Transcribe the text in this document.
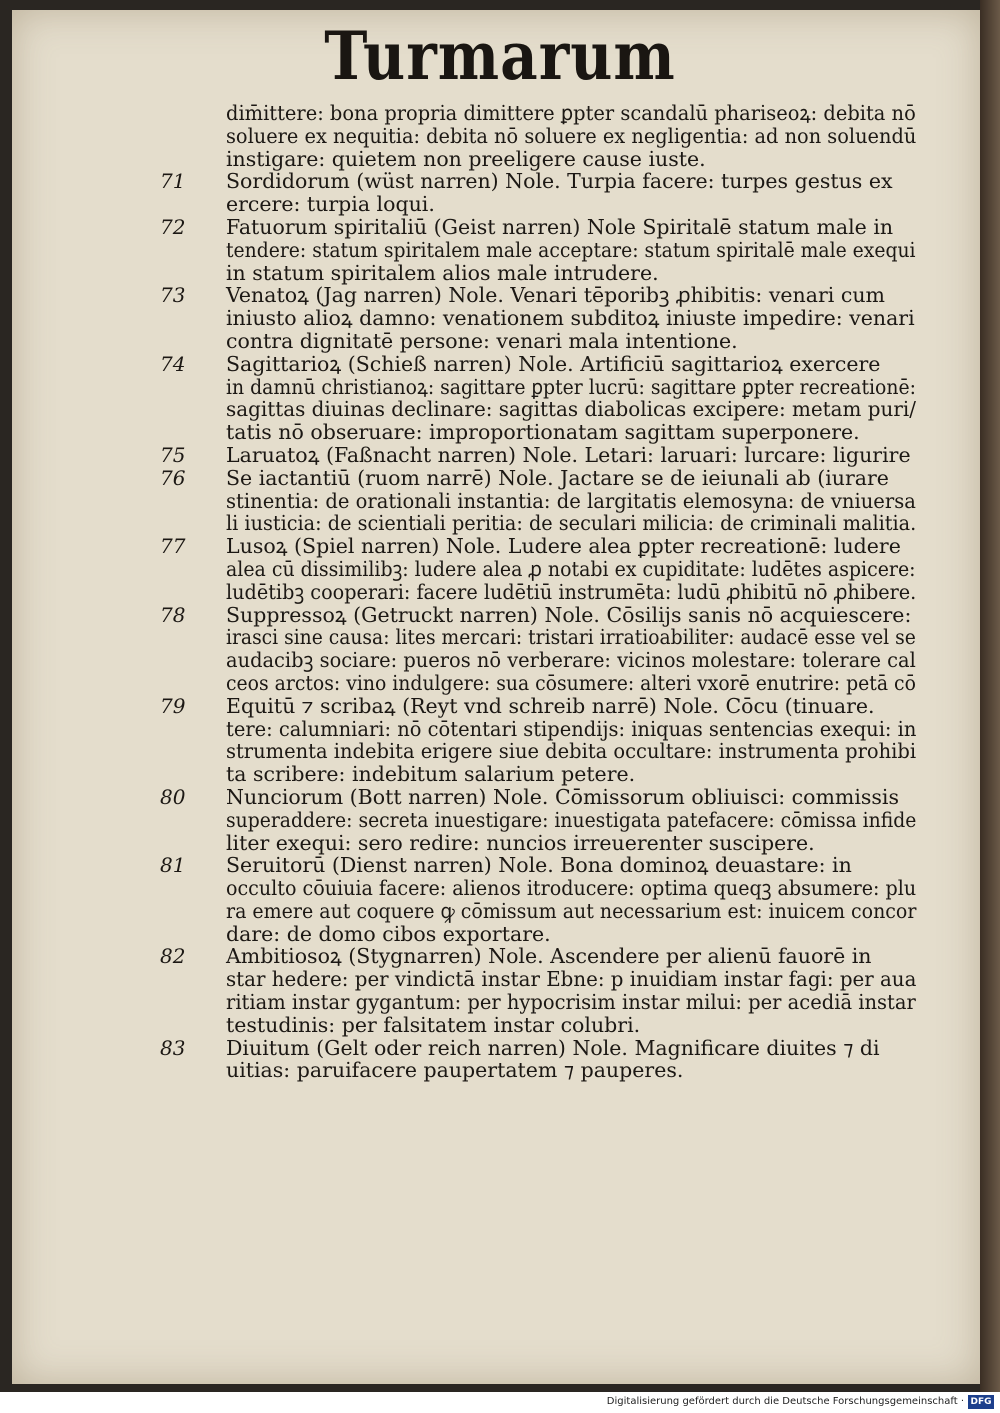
Turmarum
dim̄ittere: bona propria dimittere ꝑpter scandalū phariseoꝝ: debita nō
soluere ex nequitia: debita nō soluere ex negligentia: ad non soluendū
instigare: quietem non preeligere cause iuste.
71	Sordidorum (wüst narren) Nole. Turpia facere: turpes gestus ex
ercere: turpia loqui.
72	Fatuorum spiritaliū (Geist narren) Nole Spiritalē statum male in
tendere: statum spiritalem male acceptare: statum spiritalē male exequi
in statum spiritalem alios male intrudere.
73	Venatoꝝ (Jag narren) Nole. Venari tēporibꝫ ꝓhibitis: venari cum
iniusto alioꝝ damno: venationem subditoꝝ iniuste impedire: venari
contra dignitatē persone: venari mala intentione.
74	Sagittarioꝝ (Schieß narren) Nole. Artificiū sagittarioꝝ exercere
in damnū christianoꝝ: sagittare ꝑpter lucrū: sagittare ꝑpter recreationē:
sagittas diuinas declinare: sagittas diabolicas excipere: metam puri/
tatis nō obseruare: improportionatam sagittam superponere.
75	Laruatoꝝ (Faßnacht narren) Nole. Letari: laruari: lurcare: ligurire
76	Se iactantiū (ruom narrē) Nole. Jactare se de ieiunali ab (iurare
stinentia: de orationali instantia: de largitatis elemosyna: de vniuersa
li iusticia: de scientiali peritia: de seculari milicia: de criminali malitia.
77	Lusoꝝ (Spiel narren) Nole. Ludere alea ꝑpter recreationē: ludere
alea cū dissimilibꝫ: ludere alea ꝓ notabi ex cupiditate: ludētes aspicere:
ludētibꝫ cooperari: facere ludētiū instrumēta: ludū ꝓhibitū nō ꝓhibere.
78	Suppressoꝝ (Getruckt narren) Nole. Cōsilijs sanis nō acquiescere:
irasci sine causa: lites mercari: tristari irratioabiliter: audacē esse vel se
audacibꝫ sociare: pueros nō verberare: vicinos molestare: tolerare cal
ceos arctos: vino indulgere: sua cōsumere: alteri vxorē enutrire: petā cō
79	Equitū ⁊ scribaꝝ (Reyt vnd schreib narrē) Nole. Cōcu (tinuare.
tere: calumniari: nō cōtentari stipendijs: iniquas sentencias exequi: in
strumenta indebita erigere siue debita occultare: instrumenta prohibi
ta scribere: indebitum salarium petere.
80	Nunciorum (Bott narren) Nole. Cōmissorum obliuisci: commissis
superaddere: secreta inuestigare: inuestigata patefacere: cōmissa infide
liter exequi: sero redire: nuncios irreuerenter suscipere.
81	Seruitorū (Dienst narren) Nole. Bona dominoꝝ deuastare: in
occulto cōuiuia facere: alienos itroducere: optima queqꝫ absumere: plu
ra emere aut coquere ꝙ cōmissum aut necessarium est: inuicem concor
dare: de domo cibos exportare.
82	Ambitiosoꝝ (Stygnarren) Nole. Ascendere per alienū fauorē in
star hedere: per vindictā instar Ebne: p inuidiam instar fagi: per aua
ritiam instar gygantum: per hypocrisim instar milui: per acediā instar
testudinis: per falsitatem instar colubri.
83	Diuitum (Gelt oder reich narren) Nole. Magnificare diuites ⁊ di
uitias: paruifacere paupertatem ⁊ pauperes.
Digitalisierung gefördert durch die Deutsche Forschungsgemeinschaft · DFG
